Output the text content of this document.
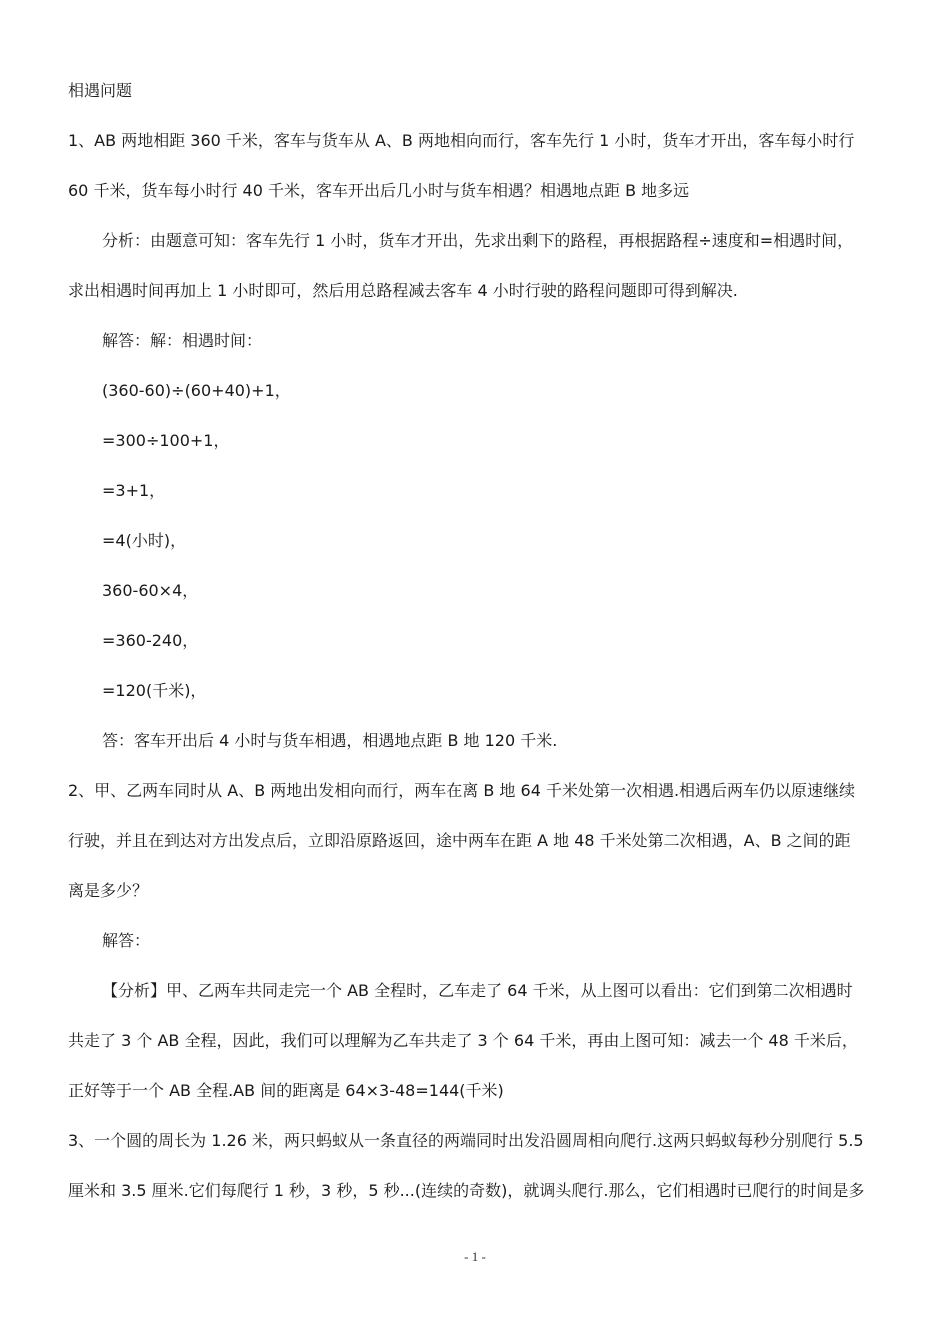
相遇问题
1、AB 两地相距 360 千米，客车与货车从 A、B 两地相向而行，客车先行 1 小时，货车才开出，客车每小时行
60 千米，货车每小时行 40 千米，客车开出后几小时与货车相遇？相遇地点距 B 地多远
分析：由题意可知：客车先行 1 小时，货车才开出，先求出剩下的路程，再根据路程÷速度和=相遇时间，
求出相遇时间再加上 1 小时即可，然后用总路程减去客车 4 小时行驶的路程问题即可得到解决.
解答：解：相遇时间：
(360-60)÷(60+40)+1，
=300÷100+1，
=3+1，
=4(小时)，
360-60×4，
=360-240，
=120(千米)，
答：客车开出后 4 小时与货车相遇，相遇地点距 B 地 120 千米.
2、甲、乙两车同时从 A、B 两地出发相向而行，两车在离 B 地 64 千米处第一次相遇.相遇后两车仍以原速继续
行驶，并且在到达对方出发点后，立即沿原路返回，途中两车在距 A 地 48 千米处第二次相遇，A、B 之间的距
离是多少？
解答：
【分析】甲、乙两车共同走完一个 AB 全程时，乙车走了 64 千米，从上图可以看出：它们到第二次相遇时
共走了 3 个 AB 全程，因此，我们可以理解为乙车共走了 3 个 64 千米，再由上图可知：减去一个 48 千米后，
正好等于一个 AB 全程.AB 间的距离是 64×3-48=144(千米)
3、一个圆的周长为 1.26 米，两只蚂蚁从一条直径的两端同时出发沿圆周相向爬行.这两只蚂蚁每秒分别爬行 5.5
厘米和 3.5 厘米.它们每爬行 1 秒，3 秒，5 秒...(连续的奇数)，就调头爬行.那么，它们相遇时已爬行的时间是多
- 1 -
